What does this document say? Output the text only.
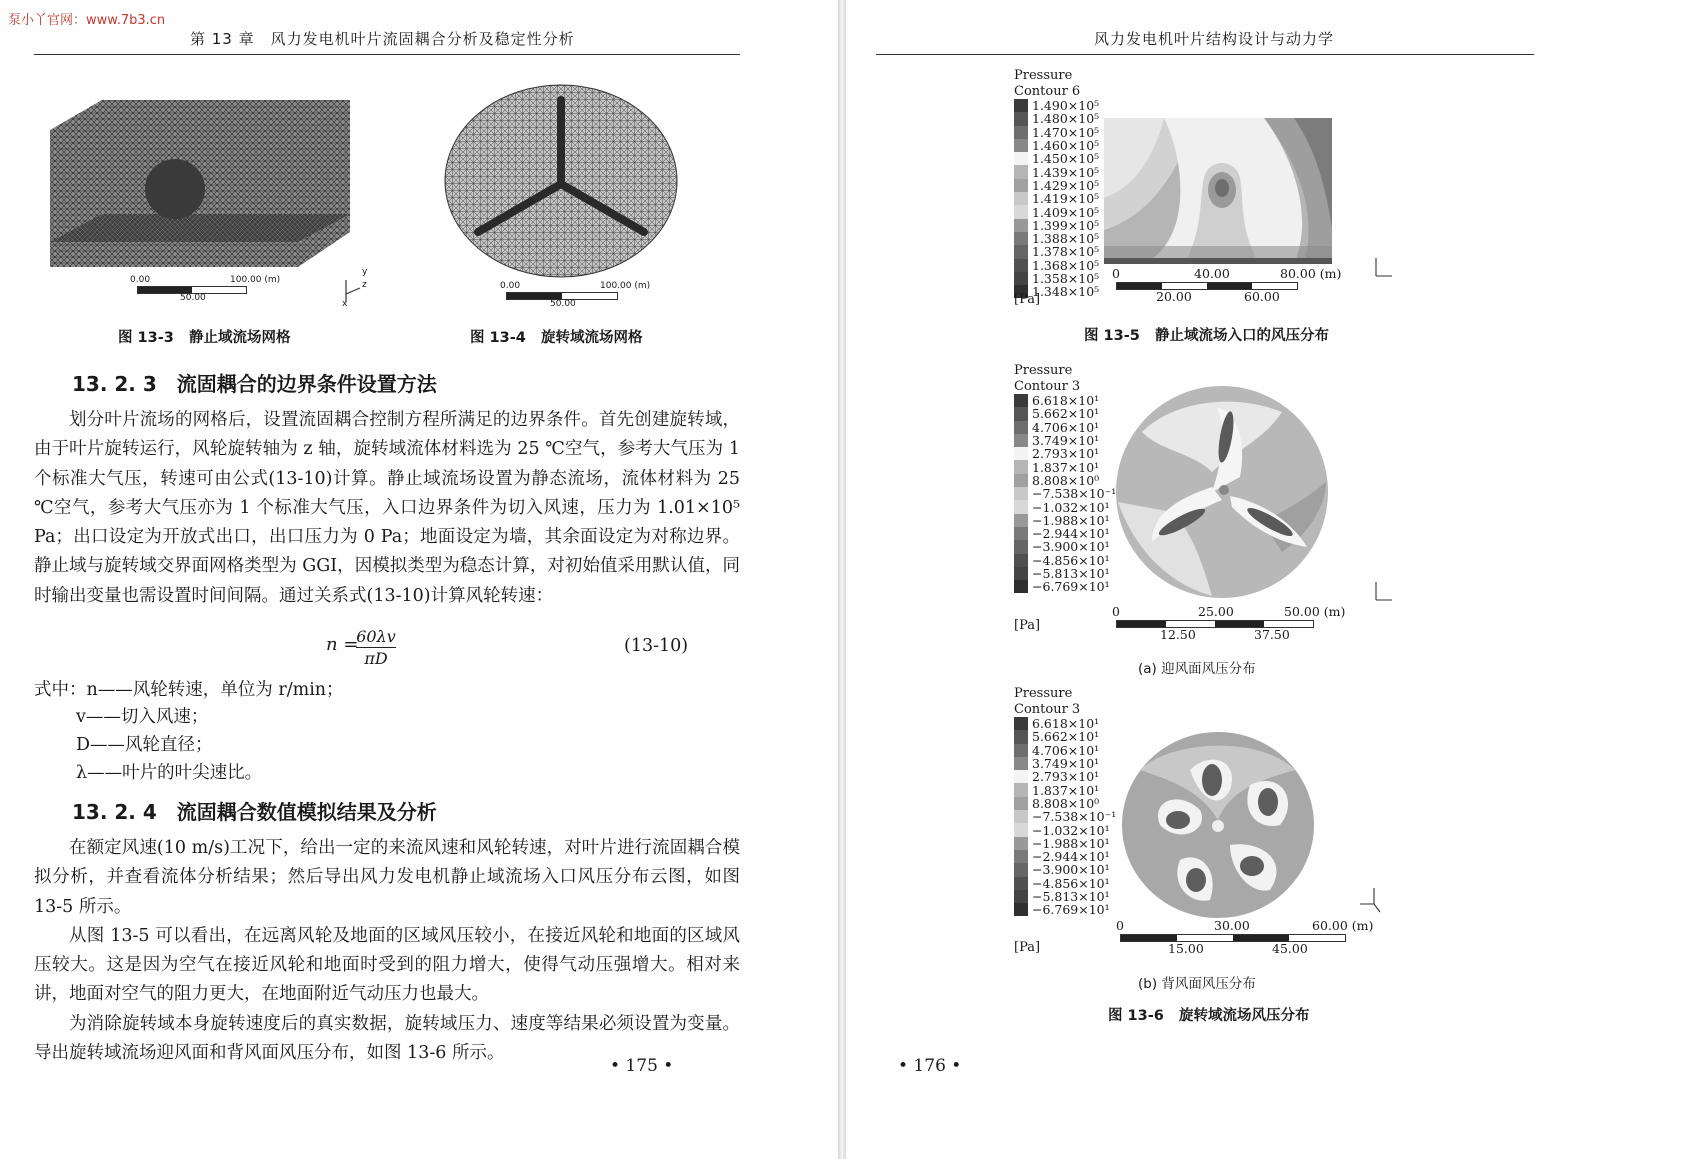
泵小丫官网：www.7b3.cn
第 13 章　风力发电机叶片流固耦合分析及稳定性分析
0.00	100.00 (m)
50.00
y
z
x
图 13-3 静止域流场网格
0.00	100.00 (m)
50.00
图 13-4 旋转域流场网格
13. 2. 3 流固耦合的边界条件设置方法

划分叶片流场的网格后，设置流固耦合控制方程所满足的边界条件。首先创建旋转域，由于叶片旋转运行，风轮旋转轴为 z 轴，旋转域流体材料选为 25 ℃空气，参考大气压为 1 个标准大气压，转速可由公式(13-10)计算。静止域流场设置为静态流场，流体材料为 25 ℃空气，参考大气压亦为 1 个标准大气压，入口边界条件为切入风速，压力为 1.01×10⁵ Pa；出口设定为开放式出口，出口压力为 0 Pa；地面设定为墙，其余面设定为对称边界。静止域与旋转域交界面网格类型为 GGI，因模拟类型为稳态计算，对初始值采用默认值，同时输出变量也需设置时间间隔。通过关系式(13-10)计算风轮转速：

n =
60λv
πD
(13-10)
式中：n——风轮转速，单位为 r/min；
v——切入风速；
D——风轮直径；
λ——叶片的叶尖速比。
13. 2. 4 流固耦合数值模拟结果及分析

在额定风速(10 m/s)工况下，给出一定的来流风速和风轮转速，对叶片进行流固耦合模拟分析，并查看流体分析结果；然后导出风力发电机静止域流场入口风压分布云图，如图 13-5 所示。

从图 13-5 可以看出，在远离风轮及地面的区域风压较小，在接近风轮和地面的区域风压较大。这是因为空气在接近风轮和地面时受到的阻力增大，使得气动压强增大。相对来讲，地面对空气的阻力更大，在地面附近气动压力也最大。

为消除旋转域本身旋转速度后的真实数据，旋转域压力、速度等结果必须设置为变量。导出旋转域流场迎风面和背风面风压分布，如图 13-6 所示。

• 175 •
风力发电机叶片结构设计与动力学
Pressure
Contour 6
1.490×10⁵
1.480×10⁵
1.470×10⁵
1.460×10⁵
1.450×10⁵
1.439×10⁵
1.429×10⁵
1.419×10⁵
1.409×10⁵
1.399×10⁵
1.388×10⁵
1.378×10⁵
1.368×10⁵
1.358×10⁵
1.348×10⁵
[Pa]
0	40.00	80.00 (m)
20.00	60.00
图 13-5 静止域流场入口的风压分布
Pressure
Contour 3
6.618×10¹
5.662×10¹
4.706×10¹
3.749×10¹
2.793×10¹
1.837×10¹
8.808×10⁰
−7.538×10⁻¹
−1.032×10¹
−1.988×10¹
−2.944×10¹
−3.900×10¹
−4.856×10¹
−5.813×10¹
−6.769×10¹
[Pa]
0	25.00	50.00 (m)
12.50	37.50
(a) 迎风面风压分布
Pressure
Contour 3
6.618×10¹
5.662×10¹
4.706×10¹
3.749×10¹
2.793×10¹
1.837×10¹
8.808×10⁰
−7.538×10⁻¹
−1.032×10¹
−1.988×10¹
−2.944×10¹
−3.900×10¹
−4.856×10¹
−5.813×10¹
−6.769×10¹
[Pa]
0	30.00	60.00 (m)
15.00	45.00
(b) 背风面风压分布
图 13-6 旋转域流场风压分布
• 176 •
